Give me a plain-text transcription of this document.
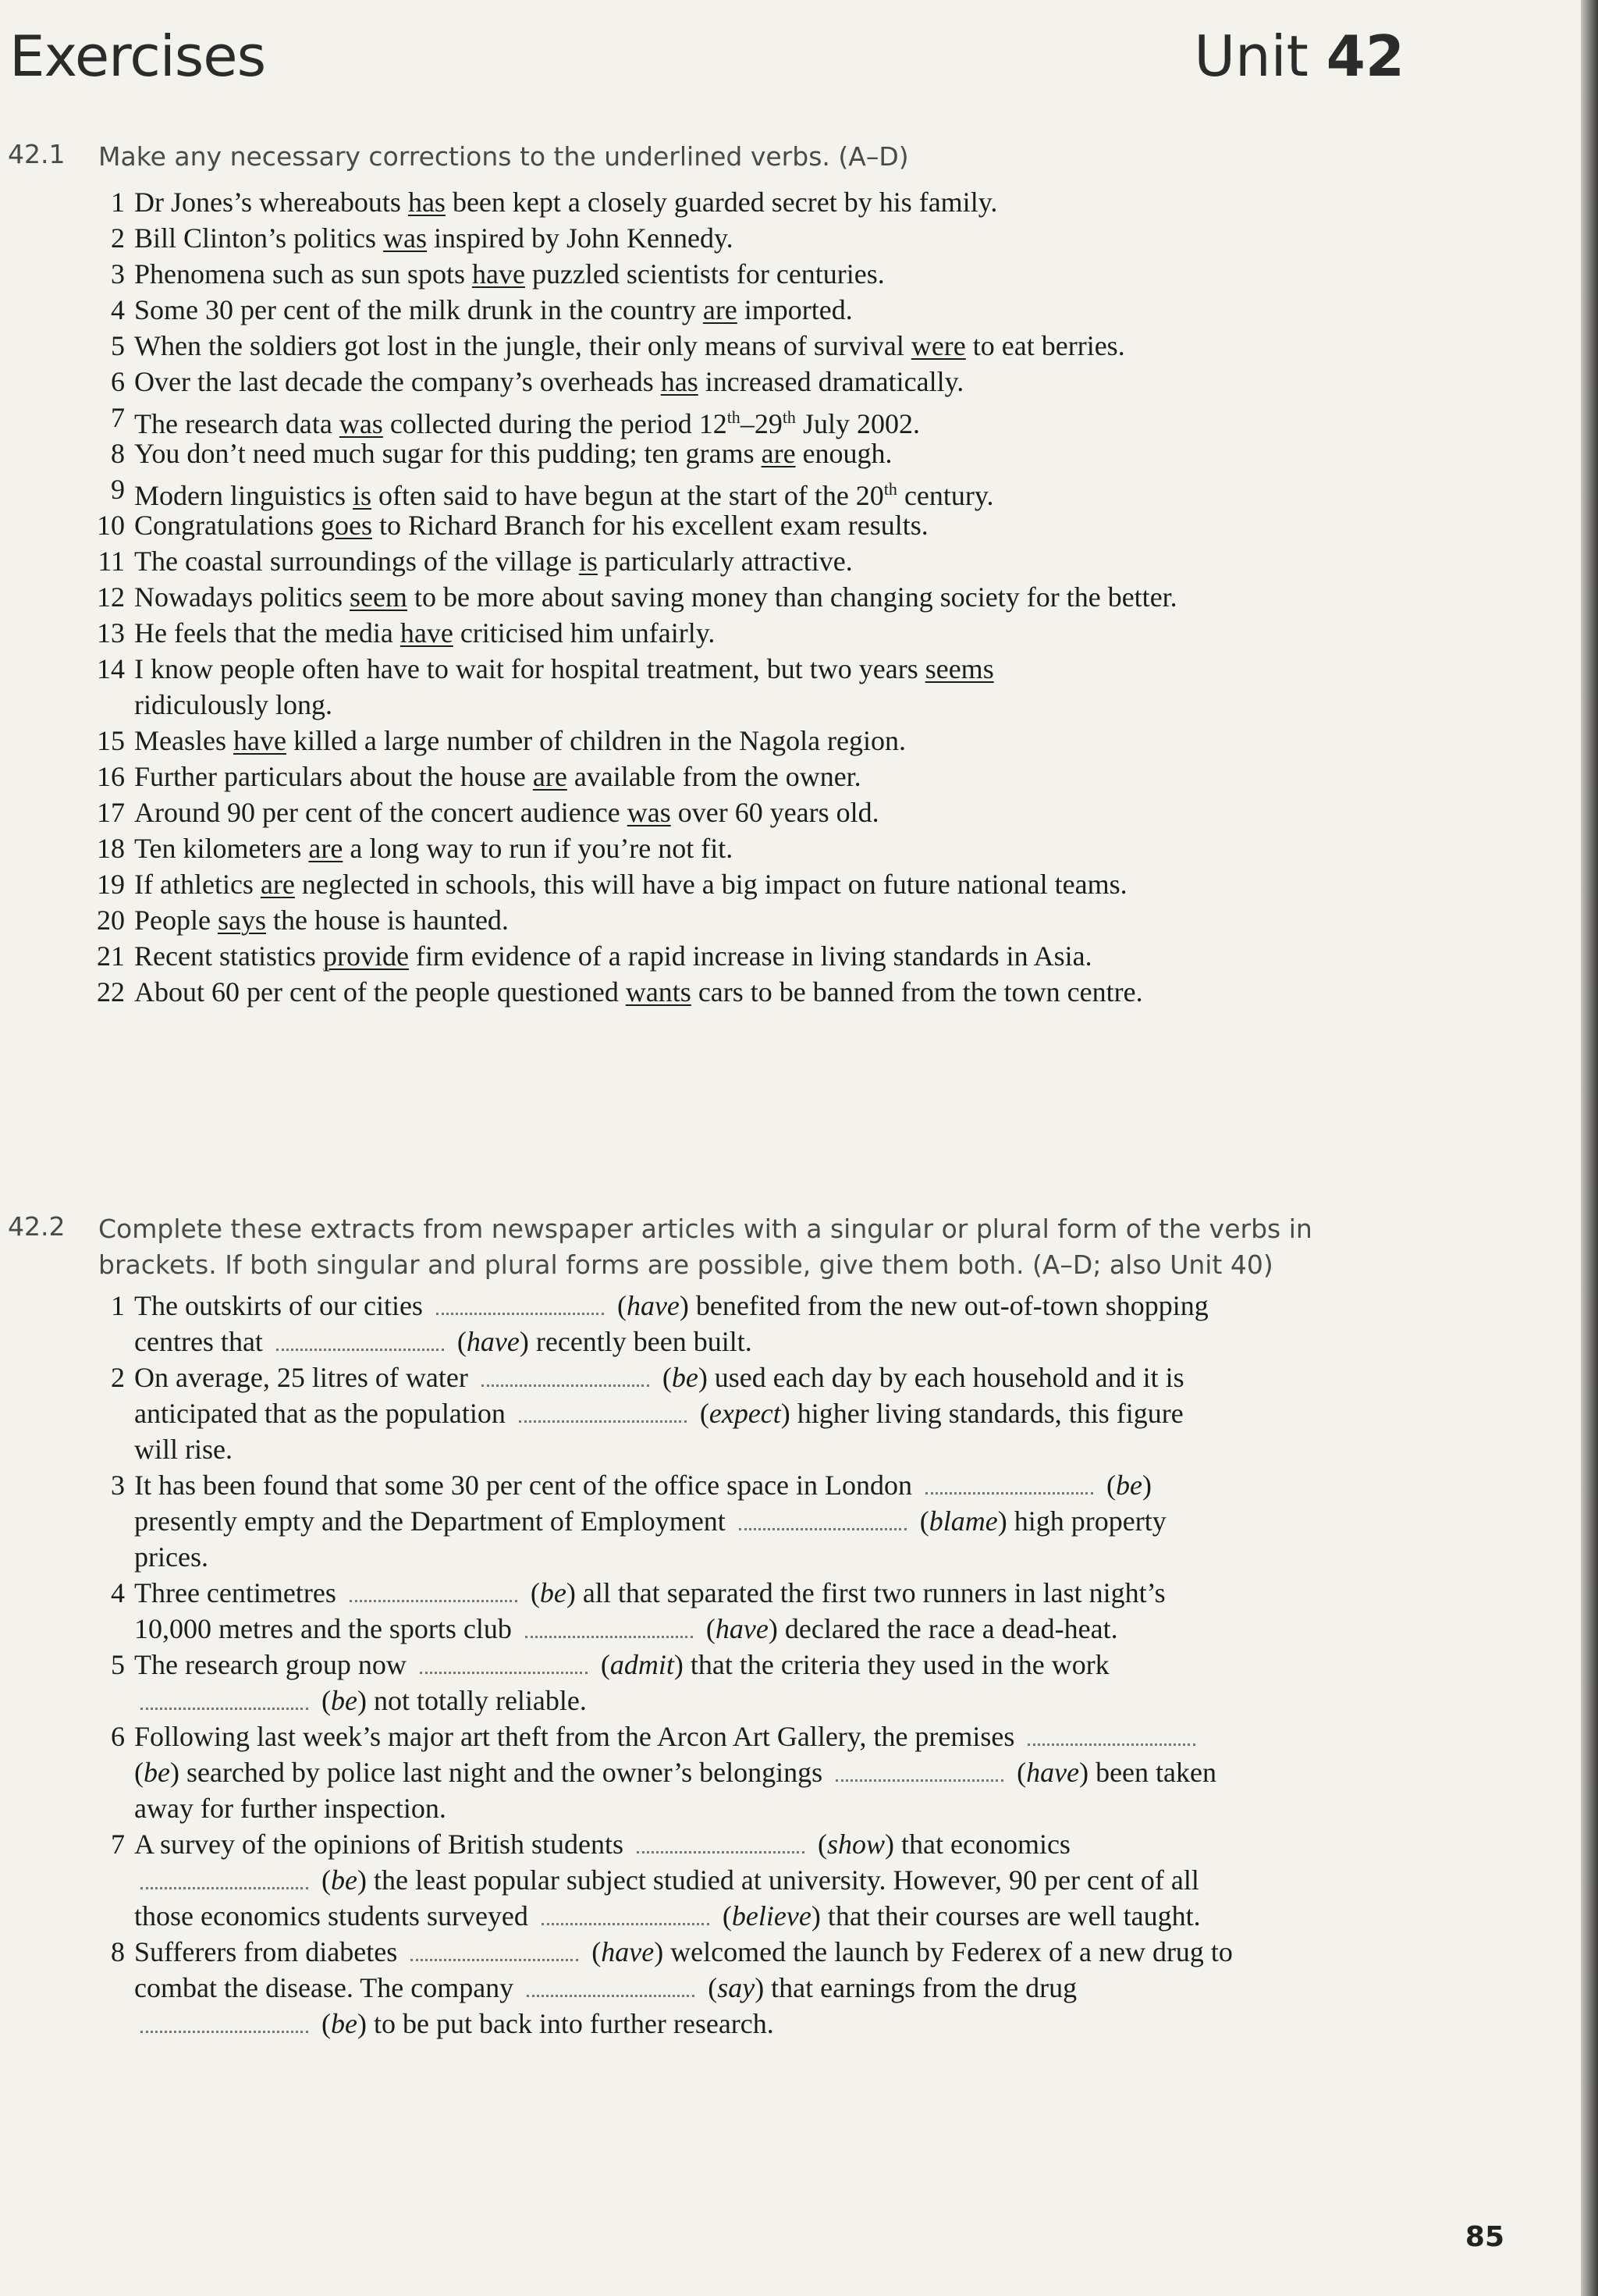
Exercises	Unit 42
42.1 Make any necessary corrections to the underlined verbs. (A–D)
1 Dr Jones’s whereabouts has been kept a closely guarded secret by his family.
2 Bill Clinton’s politics was inspired by John Kennedy.
3 Phenomena such as sun spots have puzzled scientists for centuries.
4 Some 30 per cent of the milk drunk in the country are imported.
5 When the soldiers got lost in the jungle, their only means of survival were to eat berries.
6 Over the last decade the company’s overheads has increased dramatically.
7 The research data was collected during the period 12th–29th July 2002.
8 You don’t need much sugar for this pudding; ten grams are enough.
9 Modern linguistics is often said to have begun at the start of the 20th century.
10 Congratulations goes to Richard Branch for his excellent exam results.
11 The coastal surroundings of the village is particularly attractive.
12 Nowadays politics seem to be more about saving money than changing society for the better.
13 He feels that the media have criticised him unfairly.
14 I know people often have to wait for hospital treatment, but two years seems
ridiculously long.
15 Measles have killed a large number of children in the Nagola region.
16 Further particulars about the house are available from the owner.
17 Around 90 per cent of the concert audience was over 60 years old.
18 Ten kilometers are a long way to run if you’re not fit.
19 If athletics are neglected in schools, this will have a big impact on future national teams.
20 People says the house is haunted.
21 Recent statistics provide firm evidence of a rapid increase in living standards in Asia.
22 About 60 per cent of the people questioned wants cars to be banned from the town centre.
42.2 Complete these extracts from newspaper articles with a singular or plural form of the verbs in brackets. If both singular and plural forms are possible, give them both. (A–D; also Unit 40)
1 The outskirts of our cities	(have) benefited from the new out-of-town shopping
centres that	(have) recently been built.
2 On average, 25 litres of water	(be) used each day by each household and it is
anticipated that as the population	(expect) higher living standards, this figure
will rise.
3 It has been found that some 30 per cent of the office space in London	(be)
presently empty and the Department of Employment	(blame) high property
prices.
4 Three centimetres	(be) all that separated the first two runners in last night’s
10,000 metres and the sports club	(have) declared the race a dead-heat.
5 The research group now	(admit) that the criteria they used in the work
(be) not totally reliable.
6 Following last week’s major art theft from the Arcon Art Gallery, the premises
(be) searched by police last night and the owner’s belongings	(have) been taken
away for further inspection.
7 A survey of the opinions of British students	(show) that economics
(be) the least popular subject studied at university. However, 90 per cent of all
those economics students surveyed	(believe) that their courses are well taught.
8 Sufferers from diabetes	(have) welcomed the launch by Federex of a new drug to
combat the disease. The company	(say) that earnings from the drug
(be) to be put back into further research.
85
